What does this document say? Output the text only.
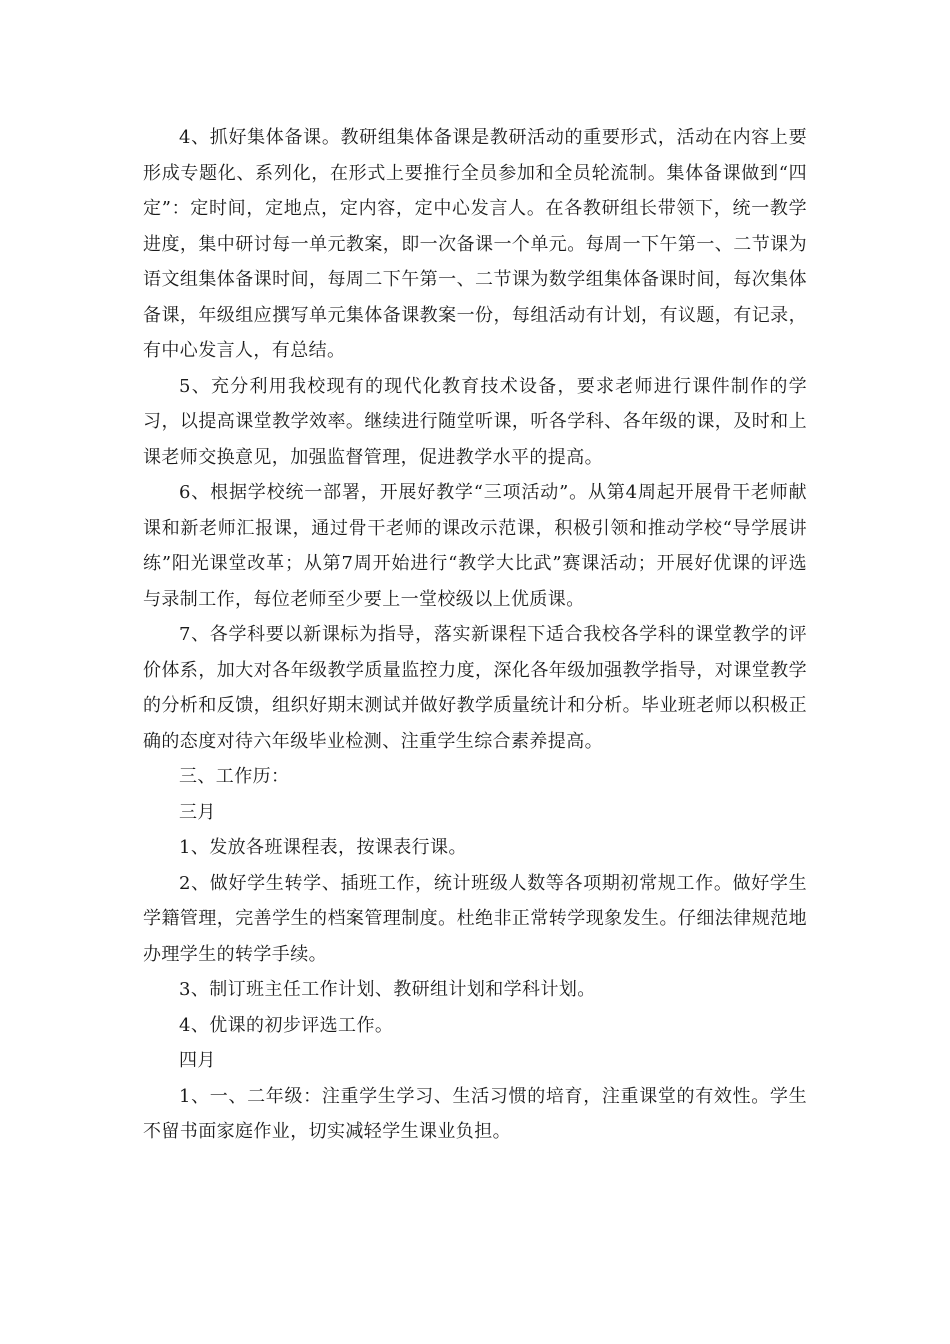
4、抓好集体备课。教研组集体备课是教研活动的重要形式，活动在内容上要形成专题化、系列化，在形式上要推行全员参加和全员轮流制。集体备课做到“四定”：定时间，定地点，定内容，定中心发言人。在各教研组长带领下，统一教学进度，集中研讨每一单元教案，即一次备课一个单元。每周一下午第一、二节课为语文组集体备课时间，每周二下午第一、二节课为数学组集体备课时间，每次集体备课，年级组应撰写单元集体备课教案一份，每组活动有计划，有议题，有记录，有中心发言人，有总结。

5、充分利用我校现有的现代化教育技术设备，要求老师进行课件制作的学习，以提高课堂教学效率。继续进行随堂听课，听各学科、各年级的课，及时和上课老师交换意见，加强监督管理，促进教学水平的提高。

6、根据学校统一部署，开展好教学“三项活动”。从第4周起开展骨干老师献课和新老师汇报课，通过骨干老师的课改示范课，积极引领和推动学校“导学展讲练”阳光课堂改革；从第7周开始进行“教学大比武”赛课活动；开展好优课的评选与录制工作，每位老师至少要上一堂校级以上优质课。

7、各学科要以新课标为指导，落实新课程下适合我校各学科的课堂教学的评价体系，加大对各年级教学质量监控力度，深化各年级加强教学指导，对课堂教学的分析和反馈，组织好期末测试并做好教学质量统计和分析。毕业班老师以积极正确的态度对待六年级毕业检测、注重学生综合素养提高。

三、工作历：

三月

1、发放各班课程表，按课表行课。

2、做好学生转学、插班工作，统计班级人数等各项期初常规工作。做好学生学籍管理，完善学生的档案管理制度。杜绝非正常转学现象发生。仔细法律规范地办理学生的转学手续。

3、制订班主任工作计划、教研组计划和学科计划。

4、优课的初步评选工作。

四月

1、一、二年级：注重学生学习、生活习惯的培育，注重课堂的有效性。学生不留书面家庭作业，切实减轻学生课业负担。
